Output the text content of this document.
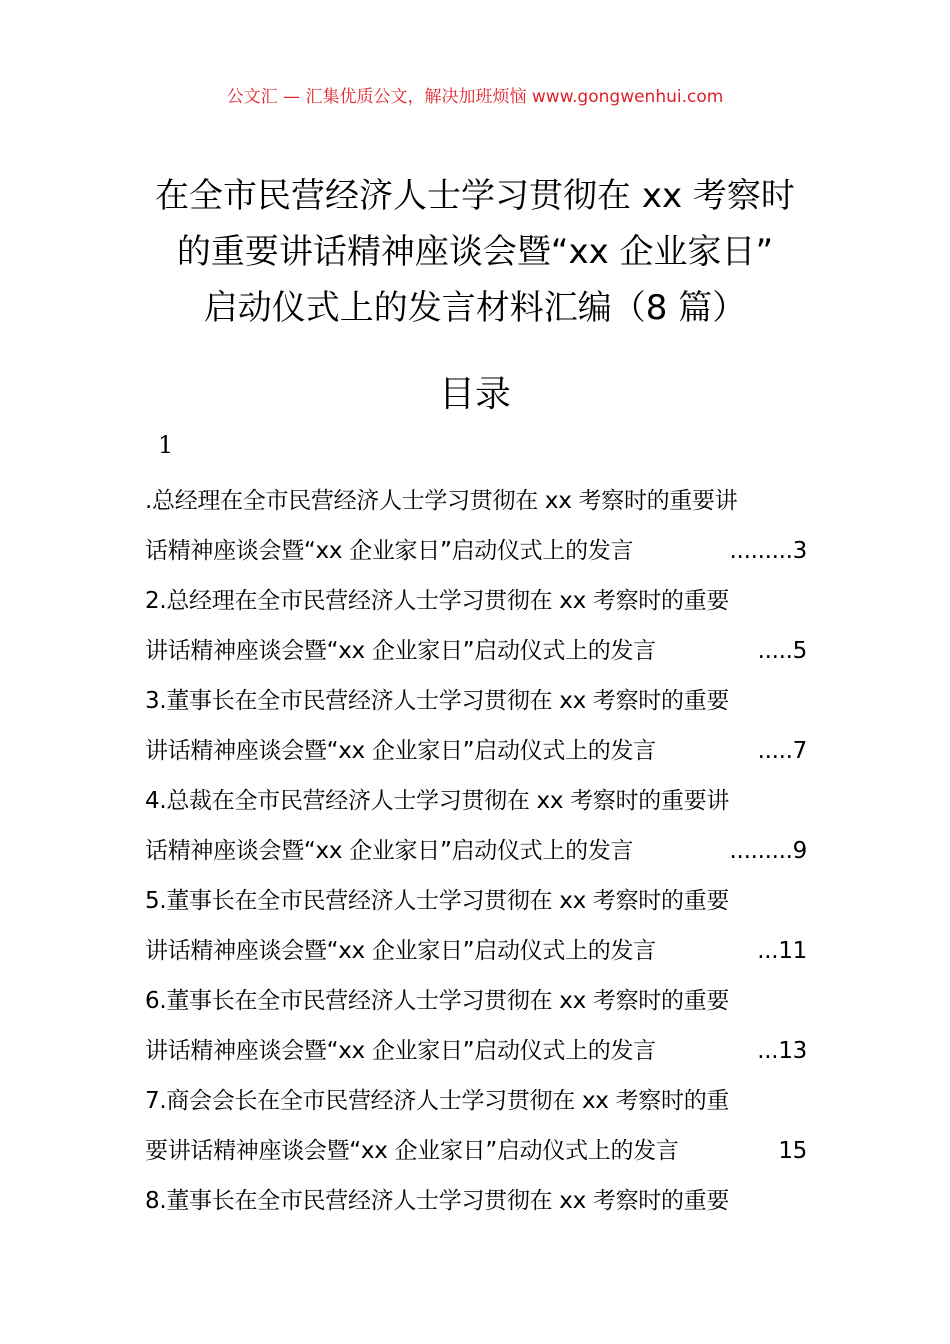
公文汇 — 汇集优质公文，解决加班烦恼 www.gongwenhui.com
在全市民营经济人士学习贯彻在 xx 考察时
的重要讲话精神座谈会暨“xx 企业家日”
启动仪式上的发言材料汇编（8 篇）
目录
1
.总经理在全市民营经济人士学习贯彻在 xx 考察时的重要讲
话精神座谈会暨“xx 企业家日”启动仪式上的发言	......... 3
2.总经理在全市民营经济人士学习贯彻在 xx 考察时的重要
讲话精神座谈会暨“xx 企业家日”启动仪式上的发言	..... 5
3.董事长在全市民营经济人士学习贯彻在 xx 考察时的重要
讲话精神座谈会暨“xx 企业家日”启动仪式上的发言	..... 7
4.总裁在全市民营经济人士学习贯彻在 xx 考察时的重要讲
话精神座谈会暨“xx 企业家日”启动仪式上的发言	......... 9
5.董事长在全市民营经济人士学习贯彻在 xx 考察时的重要
讲话精神座谈会暨“xx 企业家日”启动仪式上的发言	... 11
6.董事长在全市民营经济人士学习贯彻在 xx 考察时的重要
讲话精神座谈会暨“xx 企业家日”启动仪式上的发言	... 13
7.商会会长在全市民营经济人士学习贯彻在 xx 考察时的重
要讲话精神座谈会暨“xx 企业家日”启动仪式上的发言	15
8.董事长在全市民营经济人士学习贯彻在 xx 考察时的重要
